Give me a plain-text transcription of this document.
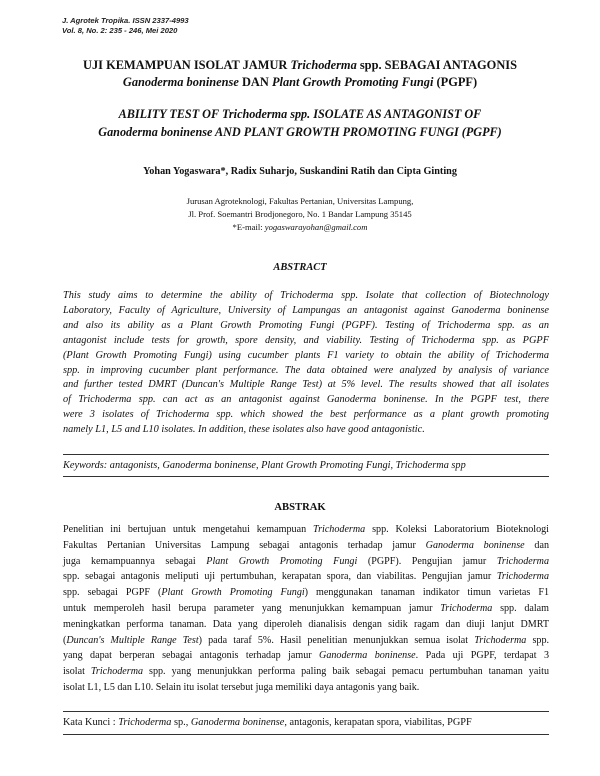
J. Agrotek Tropika. ISSN 2337-4993
Vol. 8, No. 2: 235 - 246, Mei 2020
UJI KEMAMPUAN ISOLAT JAMUR Trichoderma spp. SEBAGAI ANTAGONIS
Ganoderma boninense DAN Plant Growth Promoting Fungi (PGPF)
ABILITY TEST OF Trichoderma spp. ISOLATE AS ANTAGONIST OF
Ganoderma boninense AND PLANT GROWTH PROMOTING FUNGI (PGPF)
Yohan Yogaswara*, Radix Suharjo, Suskandini Ratih dan Cipta Ginting
Jurusan Agroteknologi, Fakultas Pertanian, Universitas Lampung,
Jl. Prof. Soemantri Brodjonegoro, No. 1 Bandar Lampung 35145
*E-mail: yogaswarayohan@gmail.com
ABSTRACT
This study aims to determine the ability of Trichoderma spp. Isolate that collection of Biotechnology
Laboratory, Faculty of Agriculture, University of Lampungas an antagonist against Ganoderma boninense
and also its ability as a Plant Growth Promoting Fungi (PGPF). Testing of Trichoderma spp. as an
antagonist include tests for growth, spore density, and viability. Testing of Trichoderma spp. as PGPF
(Plant Growth Promoting Fungi) using cucumber plants F1 variety to obtain the ability of Trichoderma
spp. in improving cucumber plant performance. The data obtained were analyzed by analysis of variance
and further tested DMRT (Duncan's Multiple Range Test) at 5% level. The results showed that all isolates
of Trichoderma spp. can act as an antagonist against Ganoderma boninense. In the PGPF test, there
were 3 isolates of Trichoderma spp. which showed the best performance as a plant growth promoting
namely L1, L5 and L10 isolates. In addition, these isolates also have good antagonistic.
Keywords: antagonists, Ganoderma boninense, Plant Growth Promoting Fungi, Trichoderma spp
ABSTRAK
Penelitian ini bertujuan untuk mengetahui kemampuan Trichoderma spp. Koleksi Laboratorium Bioteknologi
Fakultas Pertanian Universitas Lampung sebagai antagonis terhadap jamur Ganoderma boninense dan
juga kemampuannya sebagai Plant Growth Promoting Fungi (PGPF). Pengujian jamur Trichoderma
spp. sebagai antagonis meliputi uji pertumbuhan, kerapatan spora, dan viabilitas. Pengujian jamur Trichoderma
spp. sebagai PGPF (Plant Growth Promoting Fungi) menggunakan tanaman indikator timun varietas F1
untuk memperoleh hasil berupa parameter yang menunjukkan kemampuan jamur Trichoderma spp. dalam
meningkatkan performa tanaman. Data yang diperoleh dianalisis dengan sidik ragam dan diuji lanjut DMRT
(Duncan's Multiple Range Test) pada taraf 5%. Hasil penelitian menunjukkan semua isolat Trichoderma spp.
yang dapat berperan sebagai antagonis terhadap jamur Ganoderma boninense. Pada uji PGPF, terdapat 3
isolat Trichoderma spp. yang menunjukkan performa paling baik sebagai pemacu pertumbuhan tanaman yaitu
isolat L1, L5 dan L10. Selain itu isolat tersebut juga memiliki daya antagonis yang baik.
Kata Kunci : Trichoderma sp., Ganoderma boninense, antagonis, kerapatan spora, viabilitas, PGPF
